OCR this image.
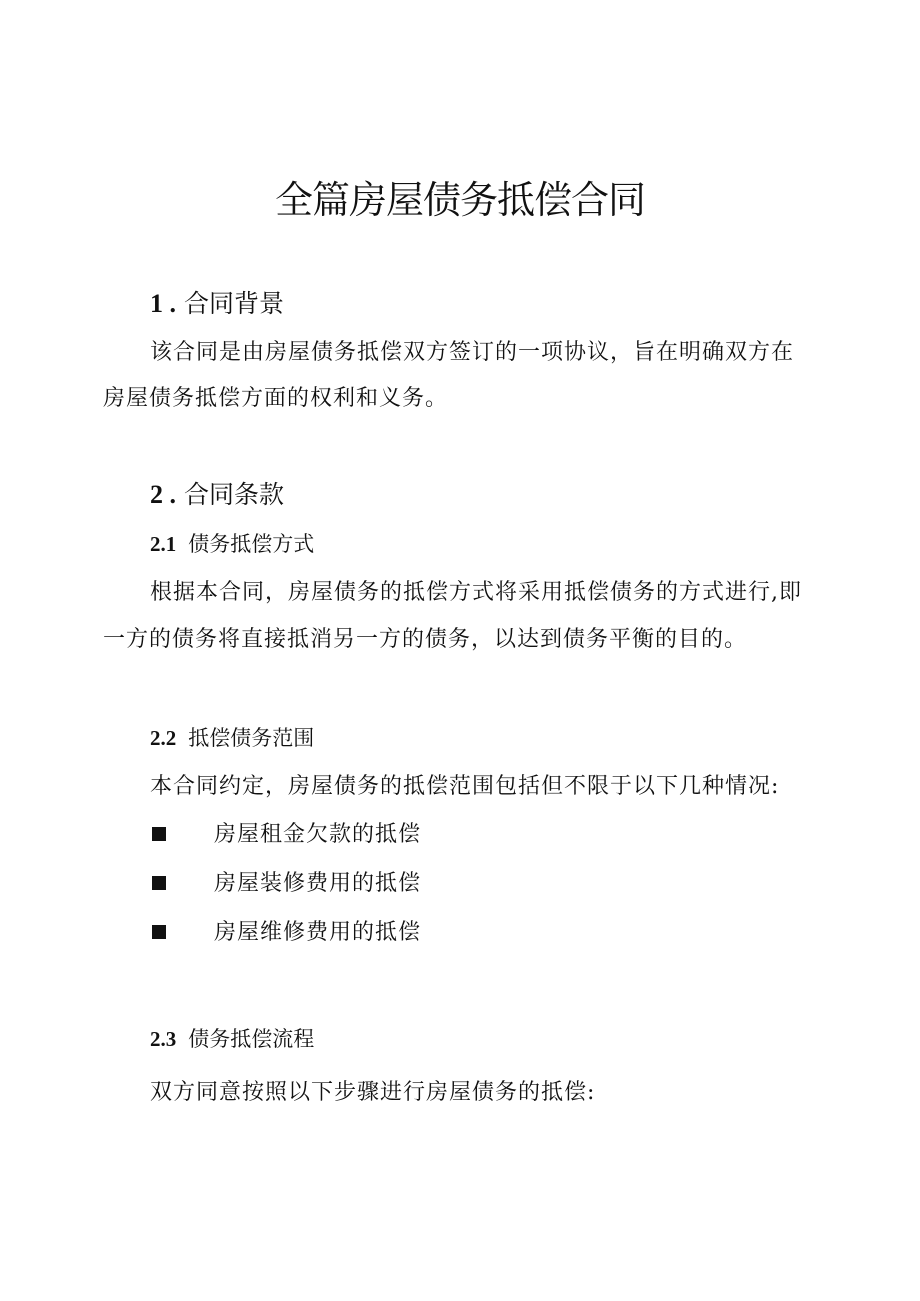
全篇房屋债务抵偿合同
1 . 合同背景
该合同是由房屋债务抵偿双方签订的一项协议，旨在明确双方在
房屋债务抵偿方面的权利和义务。
2 . 合同条款
2.1 债务抵偿方式
根据本合同，房屋债务的抵偿方式将采用抵偿债务的方式进行,即
一方的债务将直接抵消另一方的债务，以达到债务平衡的目的。
2.2 抵偿债务范围
本合同约定，房屋债务的抵偿范围包括但不限于以下几种情况:
房屋租金欠款的抵偿
房屋装修费用的抵偿
房屋维修费用的抵偿
2.3 债务抵偿流程
双方同意按照以下步骤进行房屋债务的抵偿:
